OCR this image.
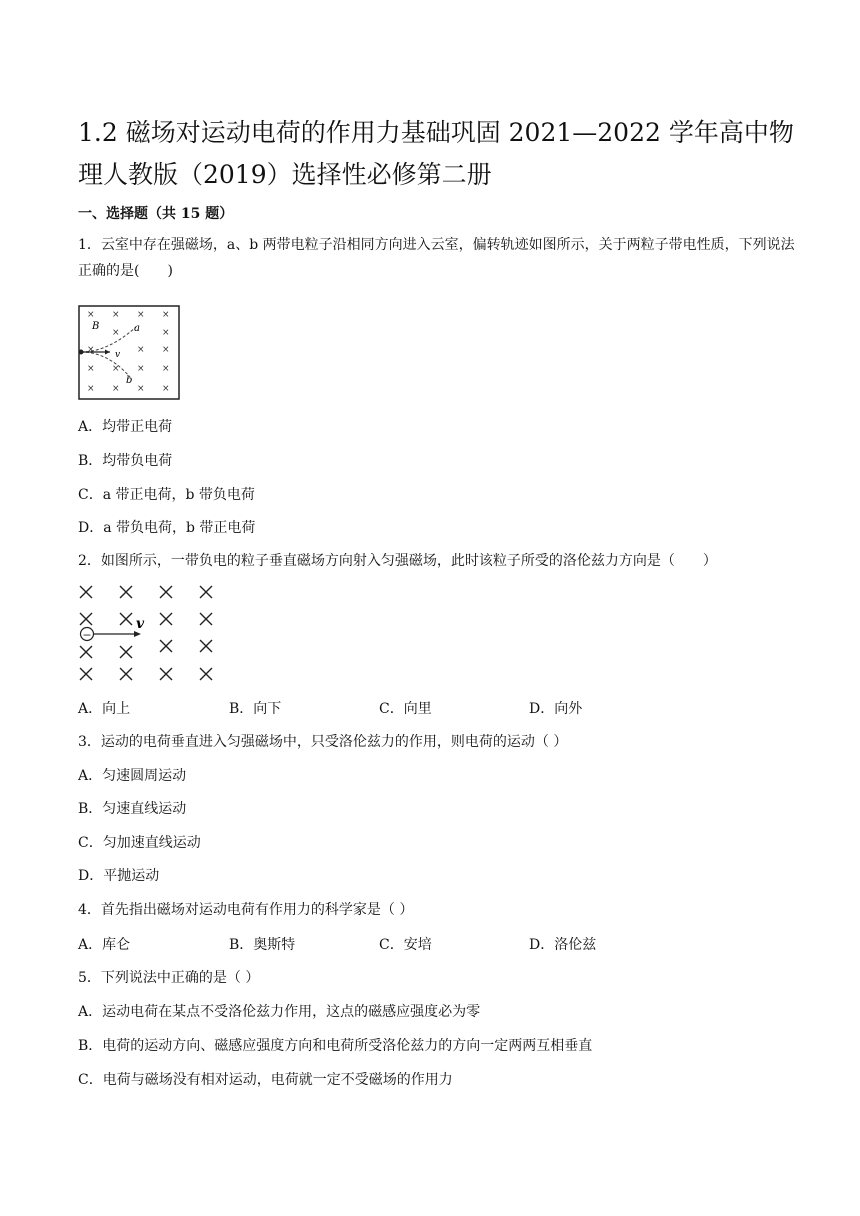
1.2 磁场对运动电荷的作用力基础巩固 2021—2022 学年高中物理人教版（2019）选择性必修第二册
一、选择题（共 15 题）
1．云室中存在强磁场，a、b 两带电粒子沿相同方向进入云室，偏转轨迹如图所示，关于两粒子带电性质，下列说法正确的是(　　)
× × × ×
×	×
×	× ×
× × × ×
× × × ×
B	a
b
v
A．均带正电荷
B．均带负电荷
C．a 带正电荷，b 带负电荷
D．a 带负电荷，b 带正电荷
2．如图所示，一带负电的粒子垂直磁场方向射入匀强磁场，此时该粒子所受的洛伦兹力方向是（　　）
−
v
A．向上	B．向下	C．向里	D．向外
3．运动的电荷垂直进入匀强磁场中，只受洛伦兹力的作用，则电荷的运动（ ）
A．匀速圆周运动
B．匀速直线运动
C．匀加速直线运动
D．平抛运动
4．首先指出磁场对运动电荷有作用力的科学家是（ ）
A．库仑	B．奥斯特	C．安培	D．洛伦兹
5．下列说法中正确的是（ ）
A．运动电荷在某点不受洛伦兹力作用，这点的磁感应强度必为零
B．电荷的运动方向、磁感应强度方向和电荷所受洛伦兹力的方向一定两两互相垂直
C．电荷与磁场没有相对运动，电荷就一定不受磁场的作用力
